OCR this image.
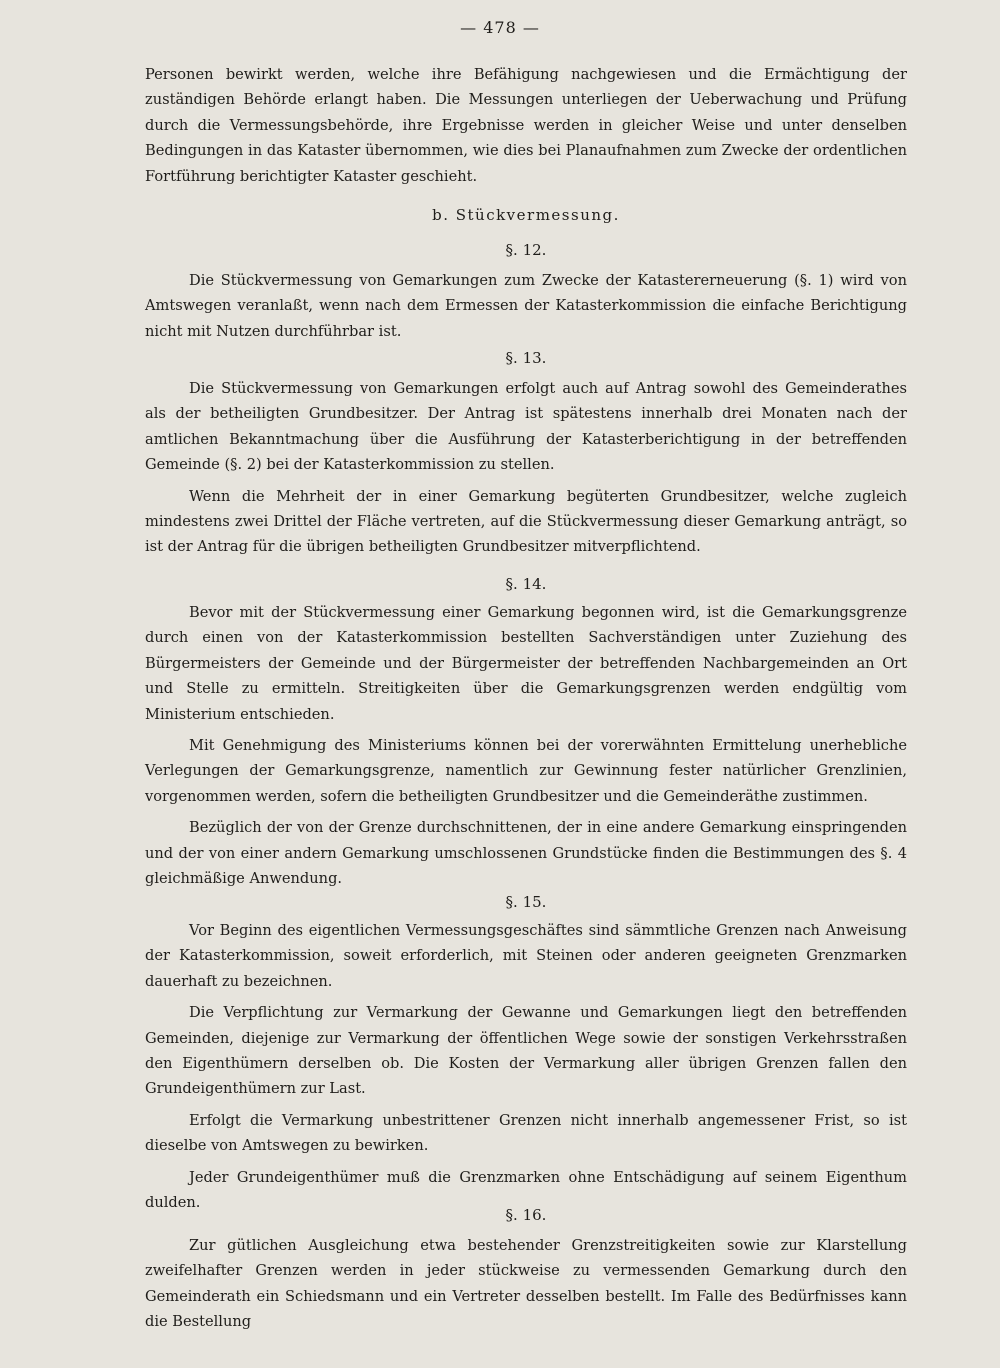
— 478 —

Personen bewirkt werden, welche ihre Befähigung nachgewiesen und die Ermächtigung der zuständigen Behörde erlangt haben. Die Messungen unterliegen der Ueberwachung und Prüfung durch die Vermessungsbehörde, ihre Ergebnisse werden in gleicher Weise und unter denselben Bedingungen in das Kataster übernommen, wie dies bei Planaufnahmen zum Zwecke der ordentlichen Fortführung berichtigter Kataster geschieht.

b. Stückvermessung.
§. 12.

Die Stückvermessung von Gemarkungen zum Zwecke der Katastererneuerung (§. 1) wird von Amtswegen veranlaßt, wenn nach dem Ermessen der Katasterkommission die einfache Berichtigung nicht mit Nutzen durchführbar ist.

§. 13.

Die Stückvermessung von Gemarkungen erfolgt auch auf Antrag sowohl des Gemeinderathes als der betheiligten Grundbesitzer. Der Antrag ist spätestens innerhalb drei Monaten nach der amtlichen Bekanntmachung über die Ausführung der Katasterberichtigung in der betreffenden Gemeinde (§. 2) bei der Katasterkommission zu stellen.

Wenn die Mehrheit der in einer Gemarkung begüterten Grundbesitzer, welche zugleich mindestens zwei Drittel der Fläche vertreten, auf die Stückvermessung dieser Gemarkung anträgt, so ist der Antrag für die übrigen betheiligten Grundbesitzer mitverpflichtend.

§. 14.

Bevor mit der Stückvermessung einer Gemarkung begonnen wird, ist die Gemarkungsgrenze durch einen von der Katasterkommission bestellten Sachverständigen unter Zuziehung des Bürgermeisters der Gemeinde und der Bürgermeister der betreffenden Nachbargemeinden an Ort und Stelle zu ermitteln. Streitigkeiten über die Gemarkungsgrenzen werden endgültig vom Ministerium entschieden.

Mit Genehmigung des Ministeriums können bei der vorerwähnten Ermittelung unerhebliche Verlegungen der Gemarkungsgrenze, namentlich zur Gewinnung fester natürlicher Grenzlinien, vorgenommen werden, sofern die betheiligten Grundbesitzer und die Gemeinderäthe zustimmen.

Bezüglich der von der Grenze durchschnittenen, der in eine andere Gemarkung einspringenden und der von einer andern Gemarkung umschlossenen Grundstücke finden die Bestimmungen des §. 4 gleichmäßige Anwendung.

§. 15.

Vor Beginn des eigentlichen Vermessungsgeschäftes sind sämmtliche Grenzen nach Anweisung der Katasterkommission, soweit erforderlich, mit Steinen oder anderen geeigneten Grenzmarken dauerhaft zu bezeichnen.

Die Verpflichtung zur Vermarkung der Gewanne und Gemarkungen liegt den betreffenden Gemeinden, diejenige zur Vermarkung der öffentlichen Wege sowie der sonstigen Verkehrsstraßen den Eigenthümern derselben ob. Die Kosten der Vermarkung aller übrigen Grenzen fallen den Grundeigenthümern zur Last.

Erfolgt die Vermarkung unbestrittener Grenzen nicht innerhalb angemessener Frist, so ist dieselbe von Amtswegen zu bewirken.

Jeder Grundeigenthümer muß die Grenzmarken ohne Entschädigung auf seinem Eigenthum dulden.

§. 16.

Zur gütlichen Ausgleichung etwa bestehender Grenzstreitigkeiten sowie zur Klarstellung zweifelhafter Grenzen werden in jeder stückweise zu vermessenden Gemarkung durch den Gemeinderath ein Schiedsmann und ein Vertreter desselben bestellt. Im Falle des Bedürfnisses kann die Bestellung
